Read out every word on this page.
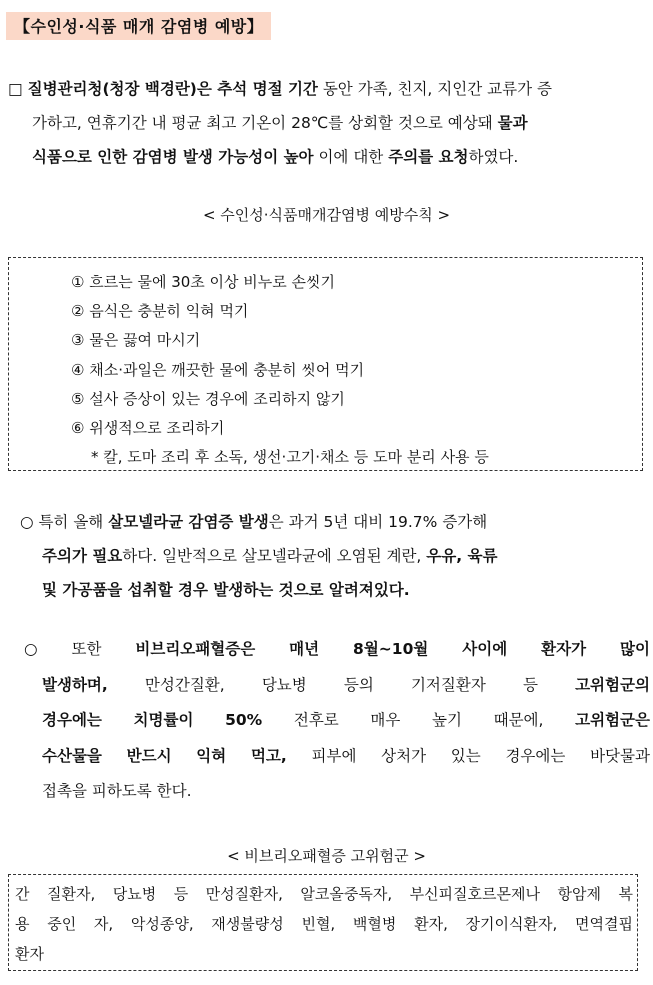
【수인성·식품 매개 감염병 예방】
□ 질병관리청(청장 백경란)은 추석 명절 기간 동안 가족, 친지, 지인간 교류가 증
가하고, 연휴기간 내 평균 최고 기온이 28℃를 상회할 것으로 예상돼 물과
식품으로 인한 감염병 발생 가능성이 높아 이에 대한 주의를 요청하였다.
< 수인성·식품매개감염병 예방수칙 >
① 흐르는 물에 30초 이상 비누로 손씻기
② 음식은 충분히 익혀 먹기
③ 물은 끓여 마시기
④ 채소·과일은 깨끗한 물에 충분히 씻어 먹기
⑤ 설사 증상이 있는 경우에 조리하지 않기
⑥ 위생적으로 조리하기
* 칼, 도마 조리 후 소독, 생선·고기·채소 등 도마 분리 사용 등
○ 특히 올해 살모넬라균 감염증 발생은 과거 5년 대비 19.7% 증가해
주의가 필요하다. 일반적으로 살모넬라균에 오염된 계란, 우유, 육류
및 가공품을 섭취할 경우 발생하는 것으로 알려져있다.
○ 또한 비브리오패혈증은 매년 8월~10월 사이에 환자가 많이
발생하며, 만성간질환, 당뇨병 등의 기저질환자 등 고위험군의
경우에는 치명률이 50% 전후로 매우 높기 때문에, 고위험군은
수산물을 반드시 익혀 먹고, 피부에 상처가 있는 경우에는 바닷물과
접촉을 피하도록 한다.
< 비브리오패혈증 고위험군 >
간 질환자, 당뇨병 등 만성질환자, 알코올중독자, 부신피질호르몬제나 항암제 복
용 중인 자, 악성종양, 재생불량성 빈혈, 백혈병 환자, 장기이식환자, 면역결핍
환자
